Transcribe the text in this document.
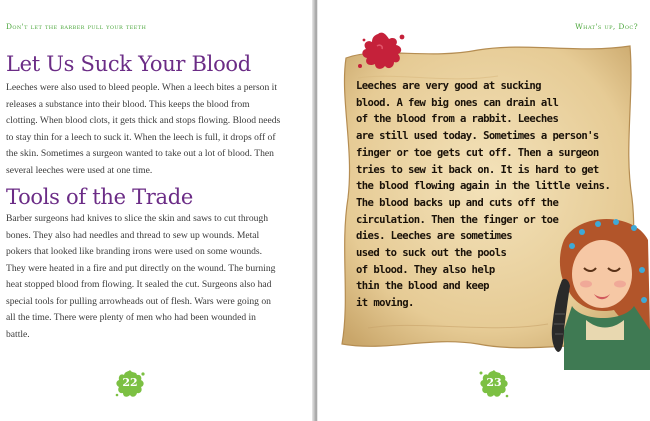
Don't let the barber pull your teeth
Let Us Suck Your Blood

Leeches were also used to bleed people. When a leech bites a person it releases a substance into their blood. This keeps the blood from clotting. When blood clots, it gets thick and stops flowing. Blood needs to stay thin for a leech to suck it. When the leech is full, it drops off of the skin. Sometimes a surgeon wanted to take out a lot of blood. Then several leeches were used at one time.

Tools of the Trade

Barber surgeons had knives to slice the skin and saws to cut through bones. They also had needles and thread to sew up wounds. Metal pokers that looked like branding irons were used on some wounds. They were heated in a fire and put directly on the wound. The burning heat stopped blood from flowing. It sealed the cut. Surgeons also had special tools for pulling arrowheads out of flesh. Wars were going on all the time. There were plenty of men who had been wounded in battle.

22
What's up, Doc?

Leeches are very good at sucking
blood. A few big ones can drain all
of the blood from a rabbit. Leeches
are still used today. Sometimes a person's
finger or toe gets cut off. Then a surgeon
tries to sew it back on. It is hard to get
the blood flowing again in the little veins.
The blood backs up and cuts off the
circulation. Then the finger or toe
dies. Leeches are sometimes
used to suck out the pools
of blood. They also help
thin the blood and keep
it moving.

23
